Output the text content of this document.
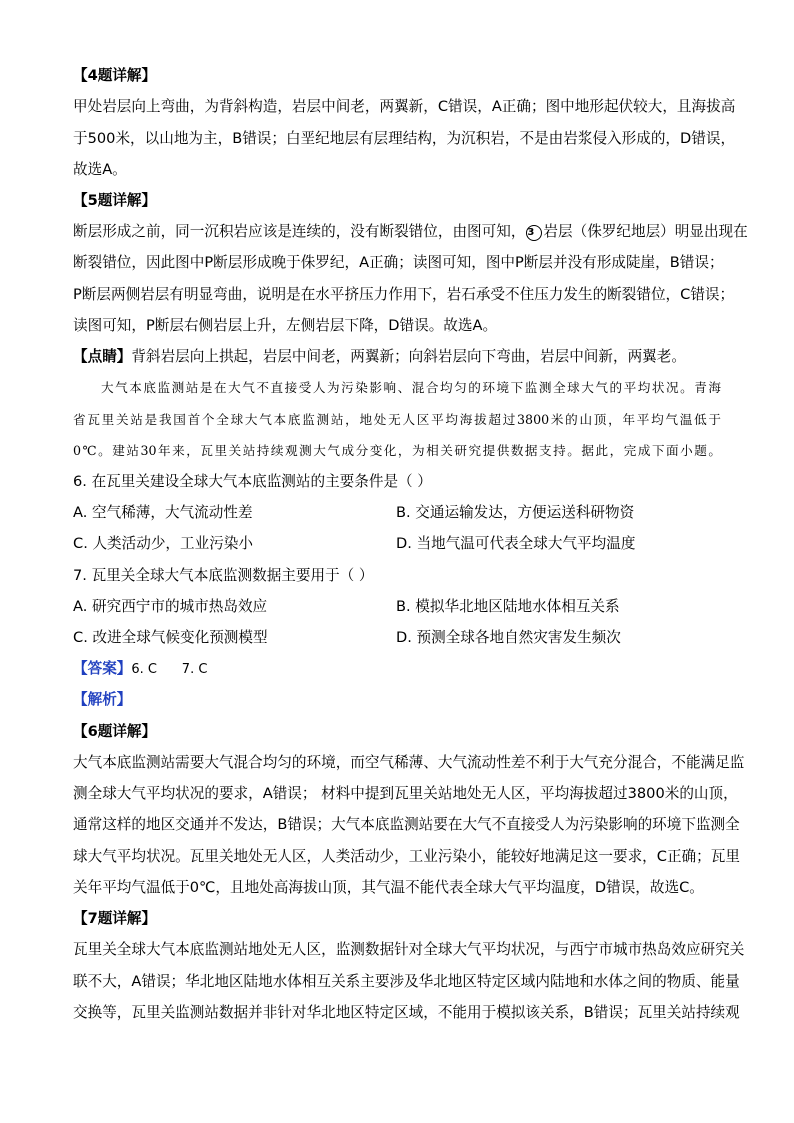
【4题详解】
甲处岩层向上弯曲，为背斜构造，岩层中间老，两翼新，C错误，A正确；图中地形起伏较大，且海拔高
于500米，以山地为主，B错误；白垩纪地层有层理结构，为沉积岩，不是由岩浆侵入形成的，D错误，
故选A。
【5题详解】
断层形成之前，同一沉积岩应该是连续的，没有断裂错位，由图可知， 3 岩层（侏罗纪地层）明显出现在
断裂错位，因此图中P断层形成晚于侏罗纪，A正确；读图可知，图中P断层并没有形成陡崖，B错误；
P断层两侧岩层有明显弯曲，说明是在水平挤压力作用下，岩石承受不住压力发生的断裂错位，C错误；
读图可知，P断层右侧岩层上升，左侧岩层下降，D错误。故选A。
【点睛】背斜岩层向上拱起，岩层中间老，两翼新；向斜岩层向下弯曲，岩层中间新，两翼老。
大气本底监测站是在大气不直接受人为污染影响、混合均匀的环境下监测全球大气的平均状况。青海
省瓦里关站是我国首个全球大气本底监测站，地处无人区平均海拔超过3800米的山顶，年平均气温低于
0℃。建站30年来，瓦里关站持续观测大气成分变化，为相关研究提供数据支持。据此，完成下面小题。
6. 在瓦里关建设全球大气本底监测站的主要条件是（ ）
A. 空气稀薄，大气流动性差	B. 交通运输发达，方便运送科研物资
C. 人类活动少，工业污染小	D. 当地气温可代表全球大气平均温度
7. 瓦里关全球大气本底监测数据主要用于（ ）
A. 研究西宁市的城市热岛效应	B. 模拟华北地区陆地水体相互关系
C. 改进全球气候变化预测模型	D. 预测全球各地自然灾害发生频次
【答案】6. C      7. C
【解析】
【6题详解】
大气本底监测站需要大气混合均匀的环境，而空气稀薄、大气流动性差不利于大气充分混合，不能满足监
测全球大气平均状况的要求，A错误； 材料中提到瓦里关站地处无人区，平均海拔超过3800米的山顶，
通常这样的地区交通并不发达，B错误；大气本底监测站要在大气不直接受人为污染影响的环境下监测全
球大气平均状况。瓦里关地处无人区，人类活动少，工业污染小，能较好地满足这一要求，C正确；瓦里
关年平均气温低于0℃，且地处高海拔山顶，其气温不能代表全球大气平均温度，D错误，故选C。
【7题详解】
瓦里关全球大气本底监测站地处无人区，监测数据针对全球大气平均状况，与西宁市城市热岛效应研究关
联不大，A错误；华北地区陆地水体相互关系主要涉及华北地区特定区域内陆地和水体之间的物质、能量
交换等，瓦里关监测站数据并非针对华北地区特定区域，不能用于模拟该关系，B错误；瓦里关站持续观
